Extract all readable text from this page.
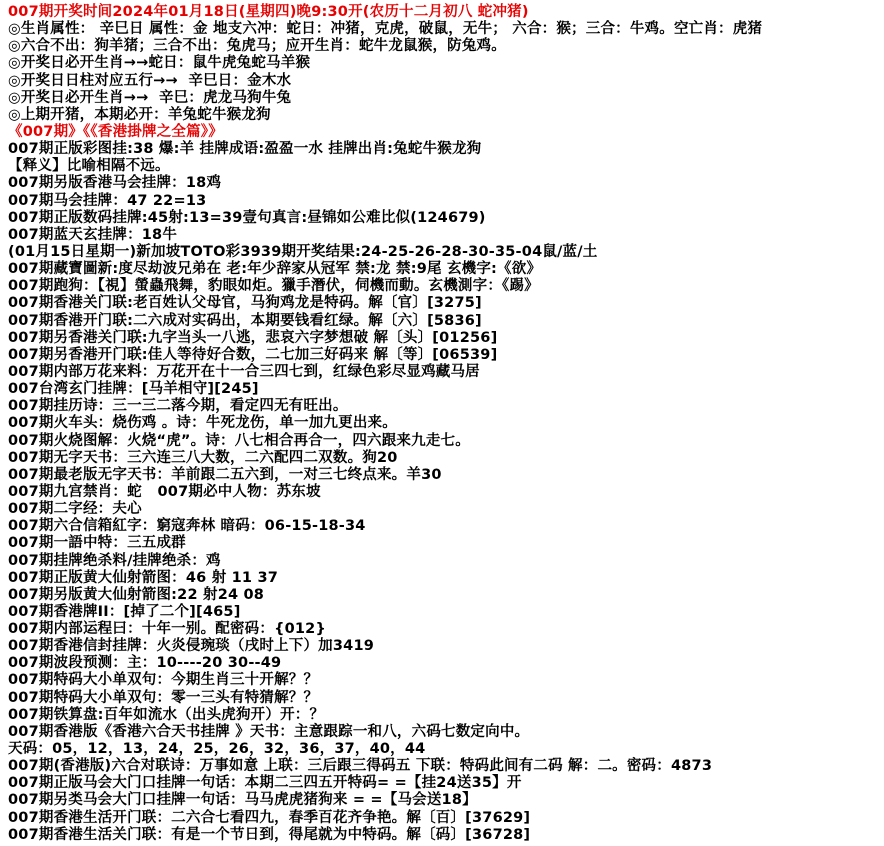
007期开奖时间2024年01月18日(星期四)晚9:30开(农历十二月初八 蛇冲猪)
◎生肖属性： 辛巳日 属性：金 地支六冲：蛇日：冲猪，克虎，破鼠，无牛； 六合：猴；三合：牛鸡。空亡肖：虎猪
◎六合不出：狗羊猪；三合不出：兔虎马；应开生肖：蛇牛龙鼠猴，防兔鸡。
◎开奖日必开生肖→→蛇日：鼠牛虎兔蛇马羊猴
◎开奖日日柱对应五行→→  辛巳日：金木水
◎开奖日必开生肖→→  辛巳：虎龙马狗牛兔
◎上期开猪，本期必开：羊兔蛇牛猴龙狗
《007期》《《香港掛牌之全篇》》
007期正版彩图挂:38 爆:羊 挂牌成语:盈盈一水 挂牌出肖:兔蛇牛猴龙狗
【释义】比喻相隔不远。
007期另版香港马会挂牌：18鸡
007期马会挂牌：47 22=13
007期正版数码挂牌:45射:13=39壹句真言:昼锦如公难比似(124679)
007期蓝天玄挂牌：18牛
(01月15日星期一)新加坡TOTO彩3939期开奖结果:24-25-26-28-30-35-04鼠/蓝/土
007期藏寶圖新:度尽劫波兄弟在 老:年少辞家从冠军 禁:龙 禁:9尾 玄機字:《欲》
007期跑狗：【視】螢蟲飛舞，豹眼如炬。獵手潛伏，伺機而動。玄機測字：《踢》
007期香港关门联:老百姓认父母官，马狗鸡龙是特码。解〔官〕[3275]
007期香港开门联:二六成对实码出，本期要钱看红绿。解〔六〕[5836]
007期另香港关门联:九字当头一八逃，悲哀六字梦想破 解〔头〕[01256]
007期另香港开门联:佳人等待好合数，二七加三好码来 解〔等〕[06539]
007期内部万花来料：万花开在十一合三四七到，红绿色彩尽显鸡藏马居
007台湾玄门挂牌：[马羊相守][245]
007期挂历诗：三一三二落今期，看定四无有旺出。
007期火车头：烧伤鸡 。诗：牛死龙伤，单一加九更出来。
007期火烧图解：火烧“虎”。诗：八七相合再合一，四六跟来九走七。
007期无字天书：三六连三八大数，二六配四二双数。狗20
007期最老版无字天书：羊前跟二五六到，一对三七终点来。羊30
007期九宫禁肖：蛇   007期必中人物：苏东坡
007期二字经：夫心
007期六合信箱紅字：窮寇奔林 暗码：06-15-18-34
007期一語中特：三五成群
007期挂牌绝杀料/挂牌绝杀：鸡
007期正版黄大仙射箭图：46 射 11 37
007期另版黄大仙射箭图:22 射24 08
007期香港牌II：[掉了二个][465]
007期内部运程曰：十年一别。配密码：{012}
007期香港信封挂牌：火炎侵琬琰（戌时上下）加3419
007期波段预测：主：10----20 30--49
007期特码大小单双句：今期生肖三十开解？？
007期特码大小单双句：零一三头有特猜解？？
007期铁算盘:百年如流水（出头虎狗开）开：？
007期香港版《香港六合天书挂牌 》天书：主意跟踪一和八，六码七数定向中。
天码：05，12，13，24，25，26，32，36，37，40，44
007期(香港版)六合对联诗：万事如意 上联：三后跟三得码五 下联：特码此间有二码 解：二。密码：4873
007期正版马会大门口挂牌一句话：本期二三四五开特码= =【挂24送35】开
007期另类马会大门口挂牌一句话：马马虎虎猪狗来 = =【马会送18】
007期香港生活开门联：二六合七看四九，春季百花齐争艳。解〔百〕[37629]
007期香港生活关门联：有是一个节日到，得尾就为中特码。解〔码〕[36728]
